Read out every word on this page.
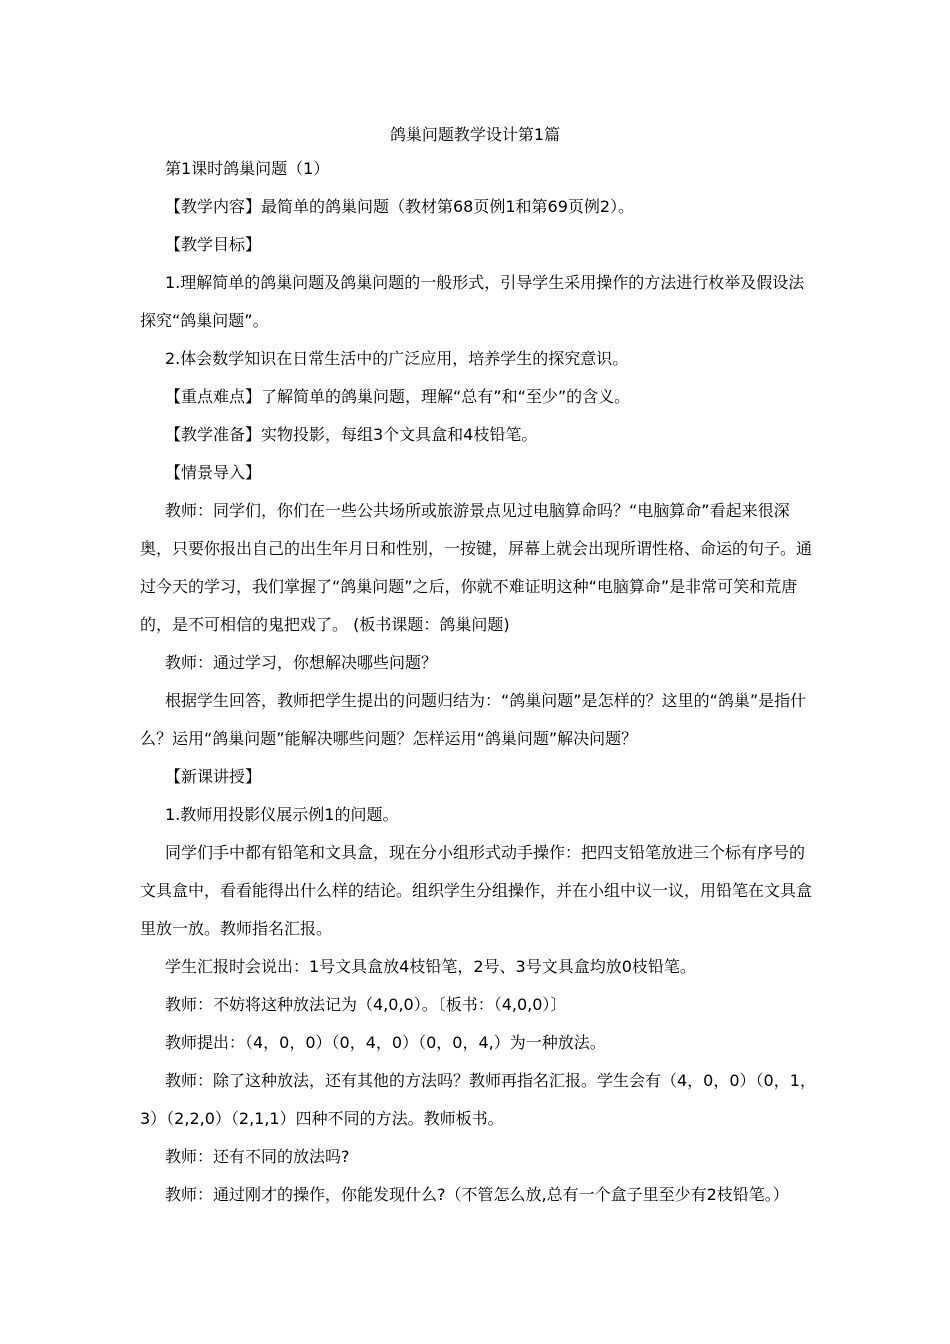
鸽巢问题教学设计第1篇

第1课时鸽巢问题（1）

【教学内容】最简单的鸽巢问题（教材第68页例1和第69页例2）。

【教学目标】

1.理解简单的鸽巢问题及鸽巢问题的一般形式，引导学生采用操作的方法进行枚举及假设法探究“鸽巢问题”。

2.体会数学知识在日常生活中的广泛应用，培养学生的探究意识。

【重点难点】了解简单的鸽巢问题，理解“总有”和“至少”的含义。

【教学准备】实物投影，每组3个文具盒和4枝铅笔。

【情景导入】

教师：同学们，你们在一些公共场所或旅游景点见过电脑算命吗？“电脑算命”看起来很深奥，只要你报出自己的出生年月日和性别，一按键，屏幕上就会出现所谓性格、命运的句子。通过今天的学习，我们掌握了“鸽巢问题”之后，你就不难证明这种“电脑算命”是非常可笑和荒唐的，是不可相信的鬼把戏了。 (板书课题：鸽巢问题)

教师：通过学习，你想解决哪些问题？

根据学生回答，教师把学生提出的问题归结为：“鸽巢问题”是怎样的？这里的“鸽巢”是指什么？运用“鸽巢问题”能解决哪些问题？怎样运用“鸽巢问题”解决问题？

【新课讲授】

1.教师用投影仪展示例1的问题。

同学们手中都有铅笔和文具盒，现在分小组形式动手操作：把四支铅笔放进三个标有序号的文具盒中，看看能得出什么样的结论。组织学生分组操作，并在小组中议一议，用铅笔在文具盒里放一放。教师指名汇报。

学生汇报时会说出：1号文具盒放4枝铅笔，2号、3号文具盒均放0枝铅笔。

教师：不妨将这种放法记为（4,0,0）。〔板书：（4,0,0）〕

教师提出：（4，0，0）（0，4，0）（0，0，4,）为一种放法。

教师：除了这种放法，还有其他的方法吗？教师再指名汇报。学生会有（4，0，0）（0，1，3）（2,2,0）（2,1,1）四种不同的方法。教师板书。

教师：还有不同的放法吗?

教师：通过刚才的操作，你能发现什么?（不管怎么放,总有一个盒子里至少有2枝铅笔。）
